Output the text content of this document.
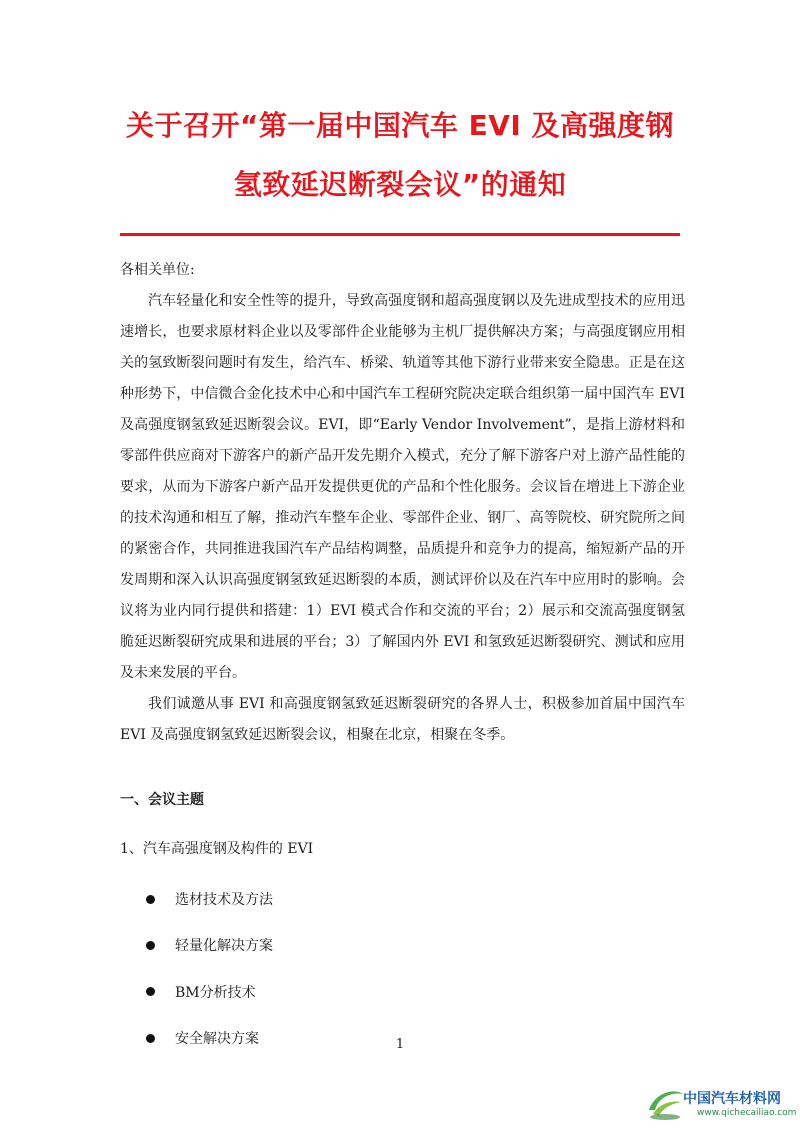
关于召开“第一届中国汽车 EVI 及高强度钢
氢致延迟断裂会议”的通知

各相关单位:

汽车轻量化和安全性等的提升，导致高强度钢和超高强度钢以及先进成型技术的应用迅速增长，也要求原材料企业以及零部件企业能够为主机厂提供解决方案；与高强度钢应用相关的氢致断裂问题时有发生，给汽车、桥梁、轨道等其他下游行业带来安全隐患。正是在这种形势下，中信微合金化技术中心和中国汽车工程研究院决定联合组织第一届中国汽车 EVI 及高强度钢氢致延迟断裂会议。EVI，即“Early Vendor Involvement”，是指上游材料和零部件供应商对下游客户的新产品开发先期介入模式，充分了解下游客户对上游产品性能的要求，从而为下游客户新产品开发提供更优的产品和个性化服务。会议旨在增进上下游企业的技术沟通和相互了解，推动汽车整车企业、零部件企业、钢厂、高等院校、研究院所之间的紧密合作，共同推进我国汽车产品结构调整，品质提升和竞争力的提高，缩短新产品的开发周期和深入认识高强度钢氢致延迟断裂的本质，测试评价以及在汽车中应用时的影响。会议将为业内同行提供和搭建：1）EVI 模式合作和交流的平台；2）展示和交流高强度钢氢脆延迟断裂研究成果和进展的平台；3）了解国内外 EVI 和氢致延迟断裂研究、测试和应用及未来发展的平台。

我们诚邀从事 EVI 和高强度钢氢致延迟断裂研究的各界人士，积极参加首届中国汽车 EVI 及高强度钢氢致延迟断裂会议，相聚在北京，相聚在冬季。

一、会议主题
1、汽车高强度钢及构件的 EVI
选材技术及方法
轻量化解决方案
BM分析技术
安全解决方案	1
中国汽车材料网
www.qichecailiao.com
